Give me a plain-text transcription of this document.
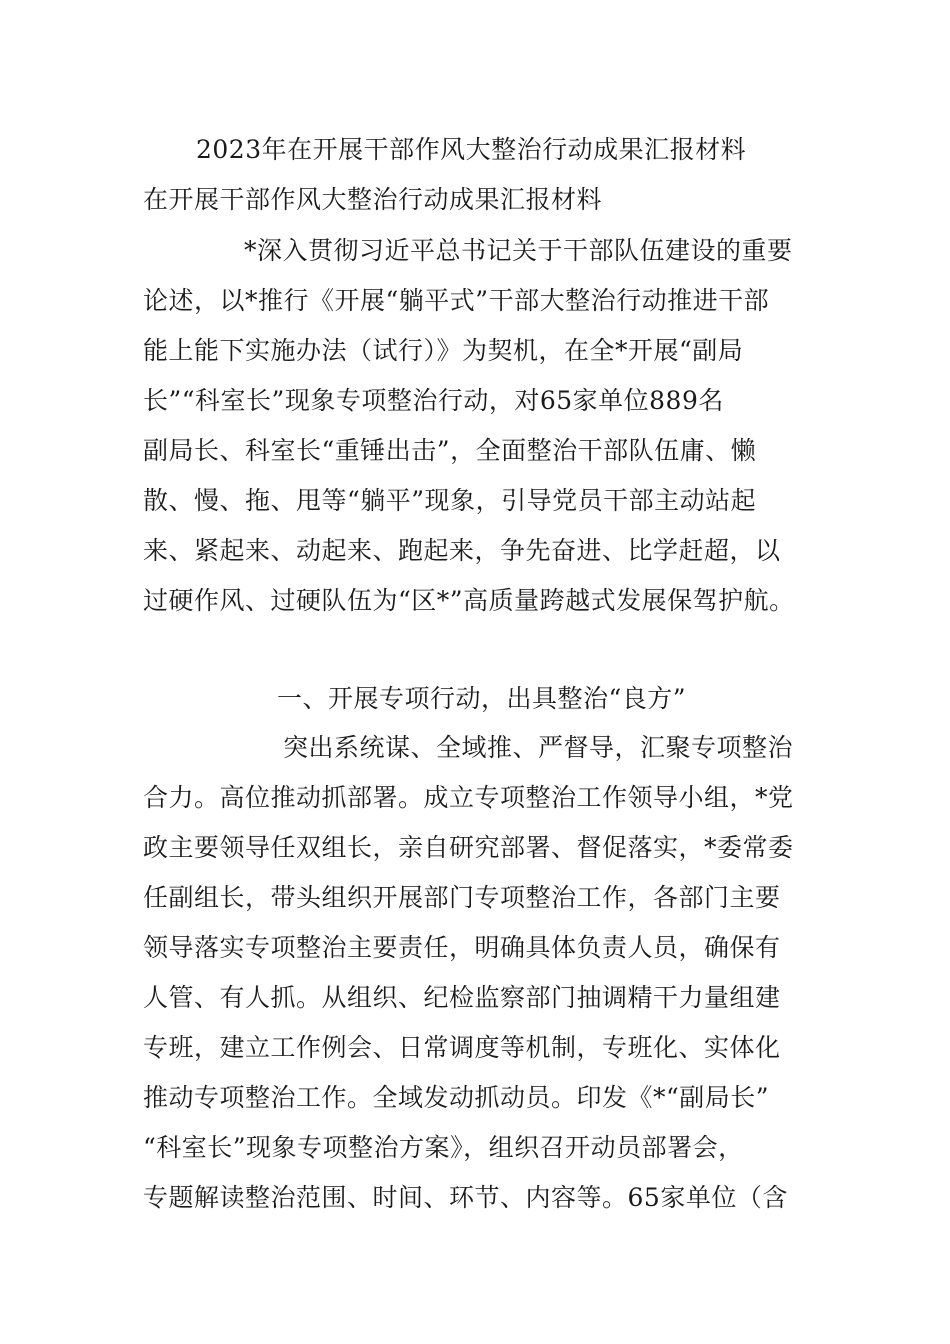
2023年在开展干部作风大整治行动成果汇报材料
在开展干部作风大整治行动成果汇报材料
*深入贯彻习近平总书记关于干部队伍建设的重要
论述，以*推行《开展“躺平式”干部大整治行动推进干部
能上能下实施办法（试行）》为契机，在全*开展“副局
长”“科室长”现象专项整治行动，对65家单位889名
副局长、科室长“重锤出击”，全面整治干部队伍庸、懒
散、慢、拖、甩等“躺平”现象，引导党员干部主动站起
来、紧起来、动起来、跑起来，争先奋进、比学赶超，以
过硬作风、过硬队伍为“区*”高质量跨越式发展保驾护航。
一、开展专项行动，出具整治“良方”
突出系统谋、全域推、严督导，汇聚专项整治
合力。高位推动抓部署。成立专项整治工作领导小组，*党
政主要领导任双组长，亲自研究部署、督促落实，*委常委
任副组长，带头组织开展部门专项整治工作，各部门主要
领导落实专项整治主要责任，明确具体负责人员，确保有
人管、有人抓。从组织、纪检监察部门抽调精干力量组建
专班，建立工作例会、日常调度等机制，专班化、实体化
推动专项整治工作。全域发动抓动员。印发《*“副局长”
“科室长”现象专项整治方案》，组织召开动员部署会，
专题解读整治范围、时间、环节、内容等。65家单位（含
